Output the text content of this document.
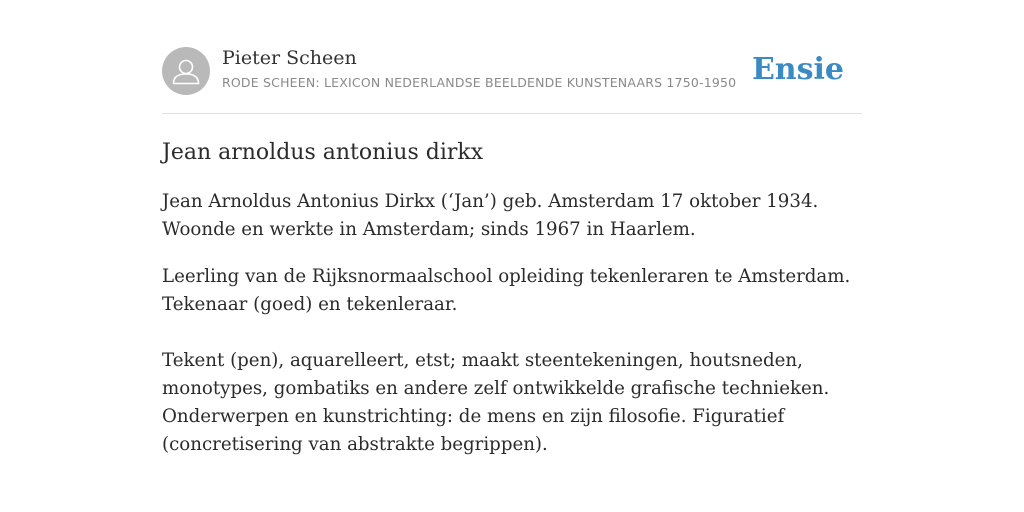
Pieter Scheen
RODE SCHEEN: LEXICON NEDERLANDSE BEELDENDE KUNSTENAARS 1750-1950 Ensie
Jean arnoldus antonius dirkx

Jean Arnoldus Antonius Dirkx (‘Jan’) geb. Amsterdam 17 oktober 1934. Woonde en werkte in Amsterdam; sinds 1967 in Haarlem.

Leerling van de Rijksnormaalschool opleiding tekenleraren te Amsterdam. Tekenaar (goed) en tekenleraar.

Tekent (pen), aquarelleert, etst; maakt steentekeningen, houtsneden, monotypes, gombatiks en andere zelf ontwikkelde grafische technieken. Onderwerpen en kunstrichting: de mens en zijn filosofie. Figuratief (concretisering van abstrakte begrippen).
